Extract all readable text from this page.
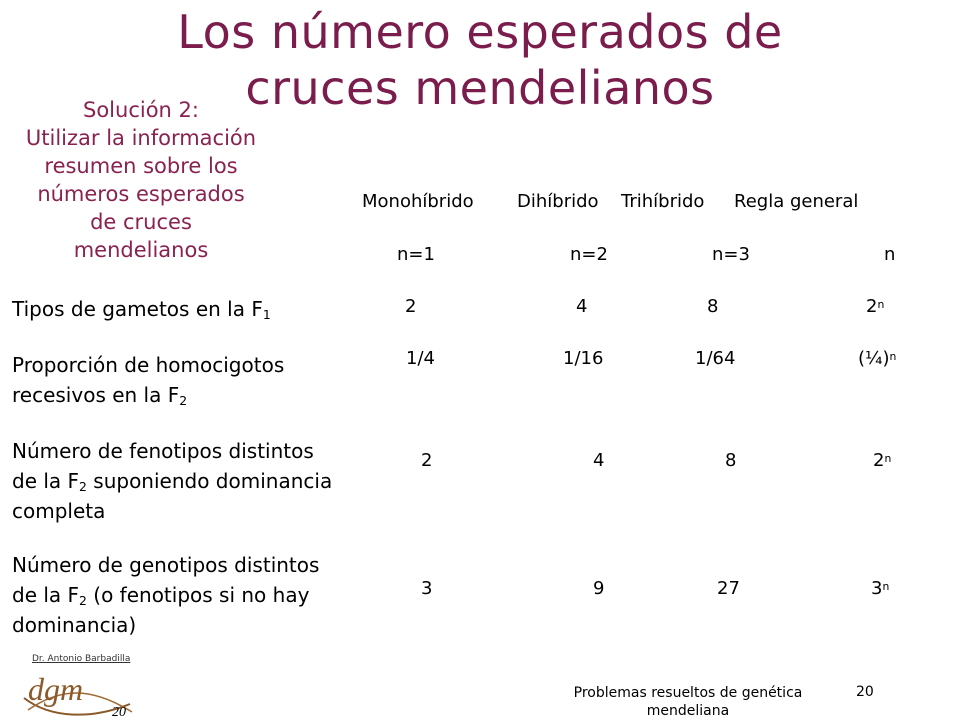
Los número esperados de
cruces mendelianos
Solución 2:
Utilizar la información
resumen sobre los
números esperados
de cruces
mendelianos
Monohíbrido Dihíbrido Trihíbrido Regla general
n=1	n=2	n=3	n
Tipos de gametos en la $F_1$	2	4	8	2$^n$
Proporción de homocigotos
recesivos en la $F_2$
1/4	1/16	1/64	(¼)$^n$
Número de fenotipos distintos
de la $F_2$ suponiendo dominancia
completa
2	4	8	2$^n$
Número de genotipos distintos
de la $F_2$ (o fenotipos si no hay
dominancia)
3	9	27	3$^n$
Dr. Antonio Barbadilla
dgm
20
Problemas resueltos de genética
mendeliana
20
